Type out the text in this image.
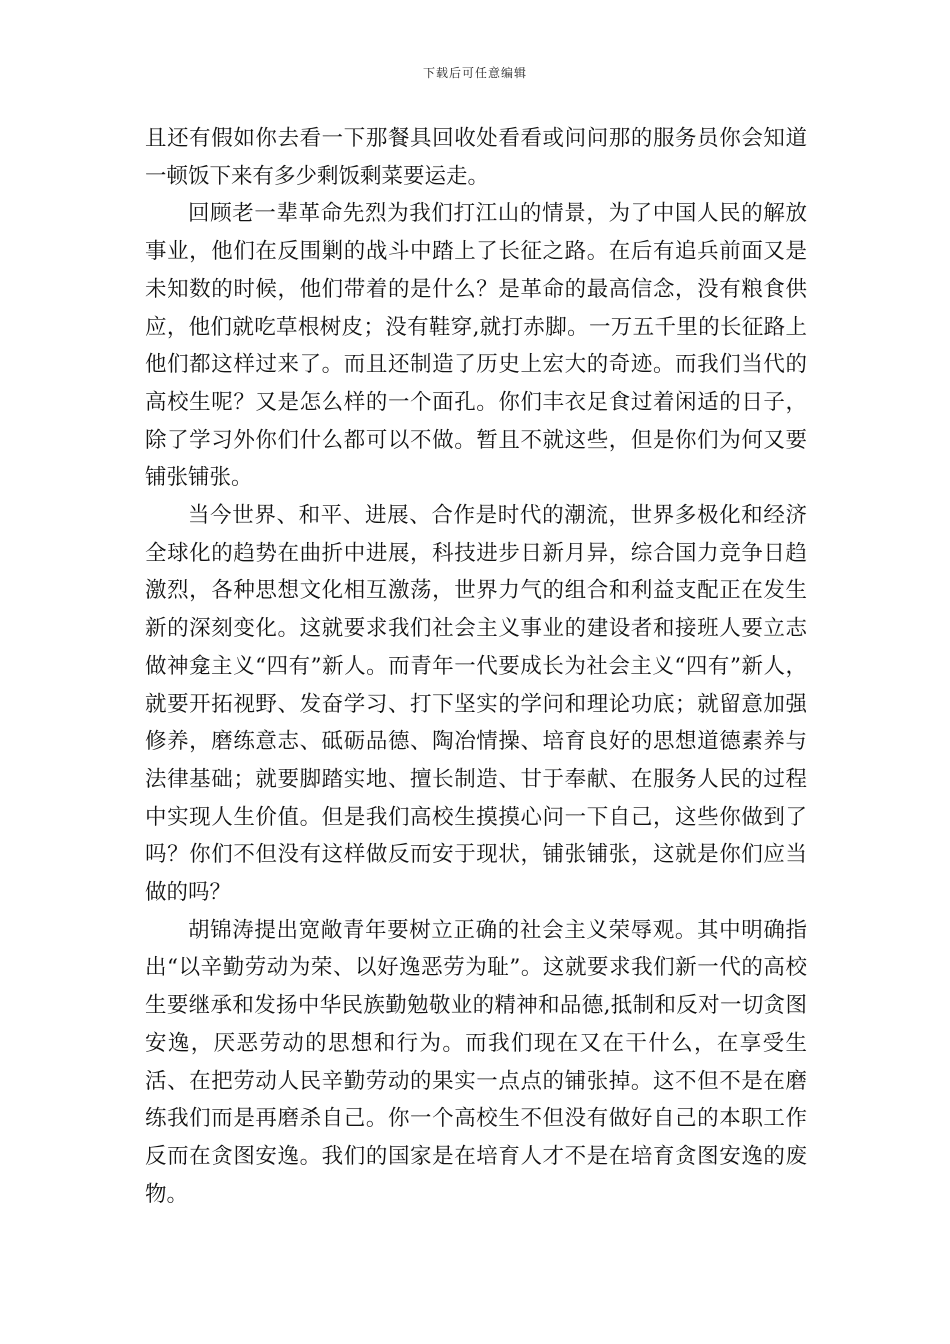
下载后可任意编辑

且还有假如你去看一下那餐具回收处看看或问问那的服务员你会知道一顿饭下来有多少剩饭剩菜要运走。

回顾老一辈革命先烈为我们打江山的情景，为了中国人民的解放事业，他们在反围剿的战斗中踏上了长征之路。在后有追兵前面又是未知数的时候，他们带着的是什么？是革命的最高信念，没有粮食供应，他们就吃草根树皮；没有鞋穿,就打赤脚。一万五千里的长征路上他们都这样过来了。而且还制造了历史上宏大的奇迹。而我们当代的高校生呢？又是怎么样的一个面孔。你们丰衣足食过着闲适的日子，除了学习外你们什么都可以不做。暂且不就这些，但是你们为何又要铺张铺张。

当今世界、和平、进展、合作是时代的潮流，世界多极化和经济全球化的趋势在曲折中进展，科技进步日新月异，综合国力竞争日趋激烈，各种思想文化相互激荡，世界力气的组合和利益支配正在发生新的深刻变化。这就要求我们社会主义事业的建设者和接班人要立志做神龛主义“四有”新人。而青年一代要成长为社会主义“四有”新人，就要开拓视野、发奋学习、打下坚实的学问和理论功底；就留意加强修养，磨练意志、砥砺品德、陶冶情操、培育良好的思想道德素养与法律基础；就要脚踏实地、擅长制造、甘于奉献、在服务人民的过程中实现人生价值。但是我们高校生摸摸心问一下自己，这些你做到了吗？你们不但没有这样做反而安于现状，铺张铺张，这就是你们应当做的吗？

胡锦涛提出宽敞青年要树立正确的社会主义荣辱观。其中明确指出“以辛勤劳动为荣、以好逸恶劳为耻”。这就要求我们新一代的高校生要继承和发扬中华民族勤勉敬业的精神和品德,抵制和反对一切贪图安逸，厌恶劳动的思想和行为。而我们现在又在干什么，在享受生活、在把劳动人民辛勤劳动的果实一点点的铺张掉。这不但不是在磨练我们而是再磨杀自己。你一个高校生不但没有做好自己的本职工作反而在贪图安逸。我们的国家是在培育人才不是在培育贪图安逸的废物。
